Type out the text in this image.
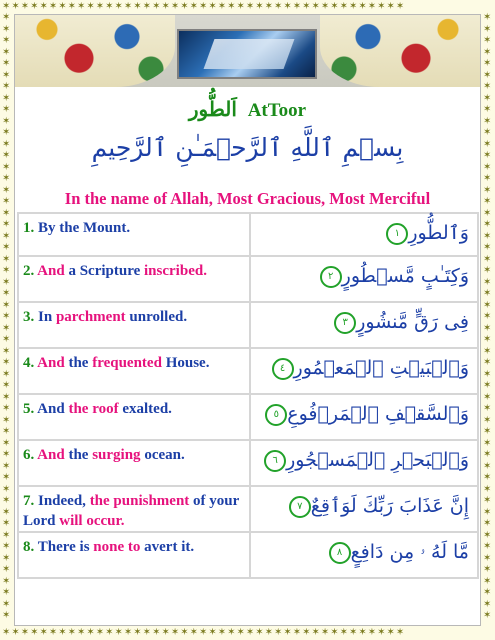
✶✶✶✶✶✶✶✶✶✶✶✶✶✶✶✶✶✶✶✶✶✶✶✶✶✶✶✶✶✶✶✶✶✶✶✶✶✶✶✶✶✶✶
✶✶✶✶✶✶✶✶✶✶✶✶✶✶✶✶✶✶✶✶✶✶✶✶✶✶✶✶✶✶✶✶✶✶✶✶✶✶✶✶✶✶✶
✶✶✶✶✶✶✶✶✶✶✶✶✶✶✶✶✶✶✶✶✶✶✶✶✶✶✶✶✶✶✶✶✶✶✶✶✶✶✶✶✶✶✶✶✶✶✶✶✶✶✶✶✶
✶✶✶✶✶✶✶✶✶✶✶✶✶✶✶✶✶✶✶✶✶✶✶✶✶✶✶✶✶✶✶✶✶✶✶✶✶✶✶✶✶✶✶✶✶✶✶✶✶✶✶✶✶
اَلطُّور AtToor
بِسۡمِ ٱللَّهِ ٱلرَّحۡمَـٰنِ ٱلرَّحِيمِ
In the name of Allah, Most Gracious, Most Merciful
1. By the Mount.	وَٱلطُّورِ١
2. And a Scripture inscribed.	وَكِتَـٰبٍ مَّسۡطُورٍ٢
3. In parchment unrolled.	فِى رَقٍّ مَّنشُورٍ٣
4. And the frequented House.	وَٱلۡبَيۡتِ ٱلۡمَعۡمُورِ٤
5. And the roof exalted.	وَٱلسَّقۡفِ ٱلۡمَرۡفُوعِ٥
6. And the surging ocean.	وَٱلۡبَحۡرِ ٱلۡمَسۡجُورِ٦
7. Indeed, the punishment of your Lord will occur.	إِنَّ عَذَابَ رَبِّكَ لَوَٲقِعٌ٧
8. There is none to avert it.	مَّا لَهُ ۥ مِن دَافِعٍ٨
